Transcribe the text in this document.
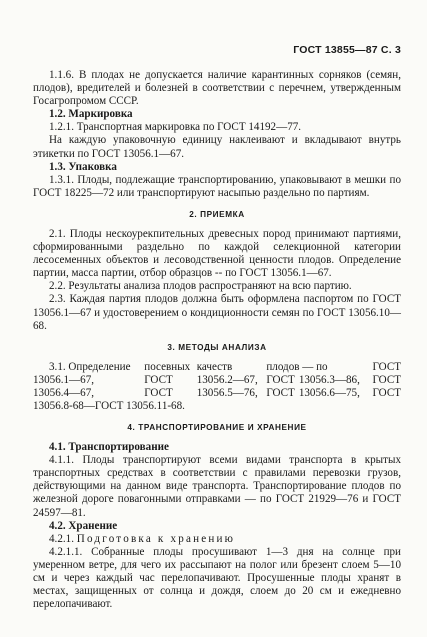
ГОСТ 13855—87 С. 3

1.1.6. В плодах не допускается наличие карантинных сорняков (семян, плодов), вредителей и болезней в соответствии с перечнем, утвержденным Госагропромом СССР.

1.2. Маркировка

1.2.1. Транспортная маркировка по ГОСТ 14192—77.

На каждую упаковочную единицу наклеивают и вкладывают внутрь этикетки по ГОСТ 13056.1—67.

1.3. Упаковка

1.3.1. Плоды, подлежащие транспортированию, упаковывают в мешки по ГОСТ 18225—72 или транспортируют насыпью раздельно по партиям.

2. ПРИЕМКА

2.1. Плоды нескоурекпительных древесных пород принимают партиями, сформированными раздельно по каждой селекционной категории лесосеменных объектов и лесоводственной ценности плодов. Определение партии, масса партии, отбор образцов -- по ГОСТ 13056.1—67.

2.2. Результаты анализа плодов распространяют на всю партию.

2.3. Каждая партия плодов должна быть оформлена паспортом по ГОСТ 13056.1—67 и удостоверением о кондиционности семян по ГОСТ 13056.10—68.

3. МЕТОДЫ АНАЛИЗА
3.1. Определение	посевных	качеств	плодов — по		ГОСТ
13056.1—67,	ГОСТ	13056.2—67,	ГОСТ	13056.3—86,	ГОСТ
13056.4—67,	ГОСТ	13056.5—76,	ГОСТ	13056.6—75,	ГОСТ
13056.8-68—ГОСТ 13056.11-68.					
4. ТРАНСПОРТИРОВАНИЕ И ХРАНЕНИЕ

4.1. Транспортирование

4.1.1. Плоды транспортируют всеми видами транспорта в крытых транспортных средствах в соответствии с правилами перевозки грузов, действующими на данном виде транспорта. Транспортирование плодов по железной дороге повагонными отправками — по ГОСТ 21929—76 и ГОСТ 24597—81.

4.2. Хранение

4.2.1. Подготовка к хранению

4.2.1.1. Собранные плоды просушивают 1—3 дня на солнце при умеренном ветре, для чего их рассыпают на полог или брезент слоем 5—10 см и через каждый час перелопачивают. Просушенные плоды хранят в местах, защищенных от солнца и дождя, слоем до 20 см и ежедневно перелопачивают.
